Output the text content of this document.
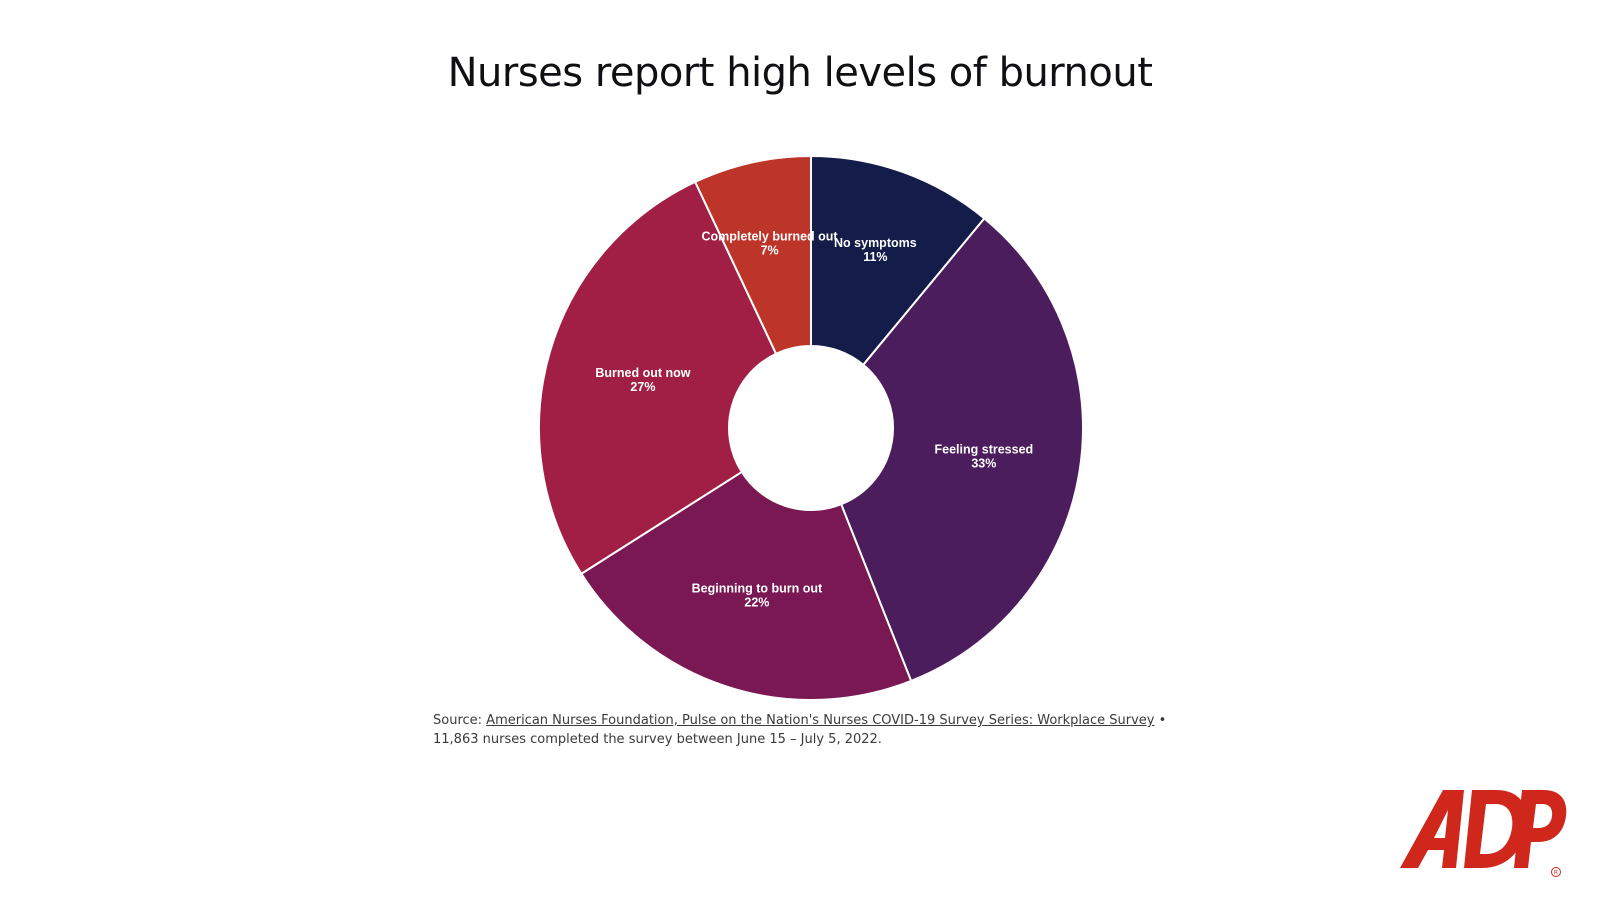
Nurses report high levels of burnout
No symptoms 11%
Feeling stressed 33%
Beginning to burn out 22%
Burned out now 27%
Completely burned out 7%
Source: American Nurses Foundation, Pulse on the Nation's Nurses COVID-19 Survey Series: Workplace Survey • 11,863 nurses completed the survey between June 15 – July 5, 2022.
R
